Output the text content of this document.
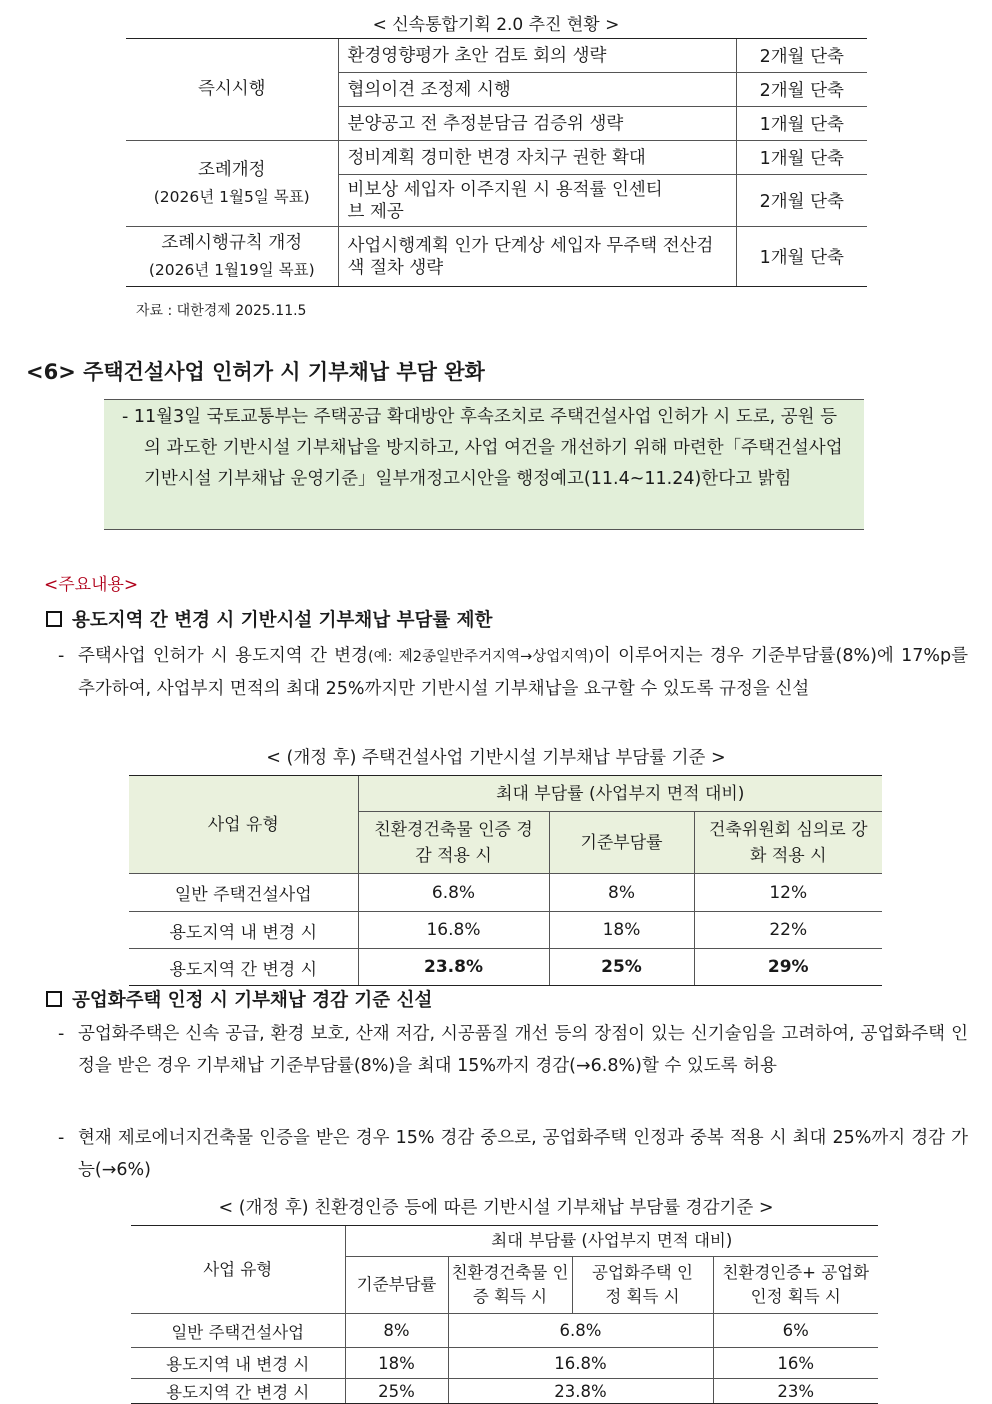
< 신속통합기획 2.0 추진 현황 >
즉시시행	환경영향평가 초안 검토 회의 생략	2개월 단축
	협의이견 조정제 시행	2개월 단축
	분양공고 전 추정분담금 검증위 생략	1개월 단축

조례개정
(2026년 1월5일 목표)	정비계획 경미한 변경 자치구 권한 확대	1개월 단축

	비보상 세입자 이주지원 시 용적률 인센티브 제공	2개월 단축

조례시행규칙 개정
(2026년 1월19일 목표)	사업시행계획 인가 단계상 세입자 무주택 전산검색 절차 생략	1개월 단축
자료 : 대한경제 2025.11.5
<6> 주택건설사업 인허가 시 기부채납 부담 완화
- 11월3일 국토교통부는 주택공급 확대방안 후속조치로 주택건설사업 인허가 시 도로, 공원 등의 과도한 기반시설 기부채납을 방지하고, 사업 여건을 개선하기 위해 마련한「주택건설사업 기반시설 기부채납 운영기준」일부개정고시안을 행정예고(11.4~11.24)한다고 밝힘
<주요내용>
용도지역 간 변경 시 기반시설 기부채납 부담률 제한
- 주택사업 인허가 시 용도지역 간 변경(예: 제2종일반주거지역→상업지역)이 이루어지는 경우 기준부담률(8%)에 17%p를 추가하여, 사업부지 면적의 최대 25%까지만 기반시설 기부채납을 요구할 수 있도록 규정을 신설
< (개정 후) 주택건설사업 기반시설 기부채납 부담률 기준 >
사업 유형	최대 부담률 (사업부지 면적 대비)		

	친환경건축물 인증 경감 적용 시	기준부담률	건축위원회 심의로 강화 적용 시

일반 주택건설사업	6.8%	8%	12%
용도지역 내 변경 시	16.8%	18%	22%
용도지역 간 변경 시	23.8%	25%	29%
공업화주택 인정 시 기부채납 경감 기준 신설
- 공업화주택은 신속 공급, 환경 보호, 산재 저감, 시공품질 개선 등의 장점이 있는 신기술임을 고려하여, 공업화주택 인정을 받은 경우 기부채납 기준부담률(8%)을 최대 15%까지 경감(→6.8%)할 수 있도록 허용
- 현재 제로에너지건축물 인증을 받은 경우 15% 경감 중으로, 공업화주택 인정과 중복 적용 시 최대 25%까지 경감 가능(→6%)
< (개정 후) 친환경인증 등에 따른 기반시설 기부채납 부담률 경감기준 >
사업 유형	최대 부담률 (사업부지 면적 대비)			
	기준부담률	친환경건축물 인증 획득 시	공업화주택 인정 획득 시	친환경인증+ 공업화인정 획득 시

일반 주택건설사업	8%	6.8%		6%
용도지역 내 변경 시	18%	16.8%		16%
용도지역 간 변경 시	25%	23.8%		23%
